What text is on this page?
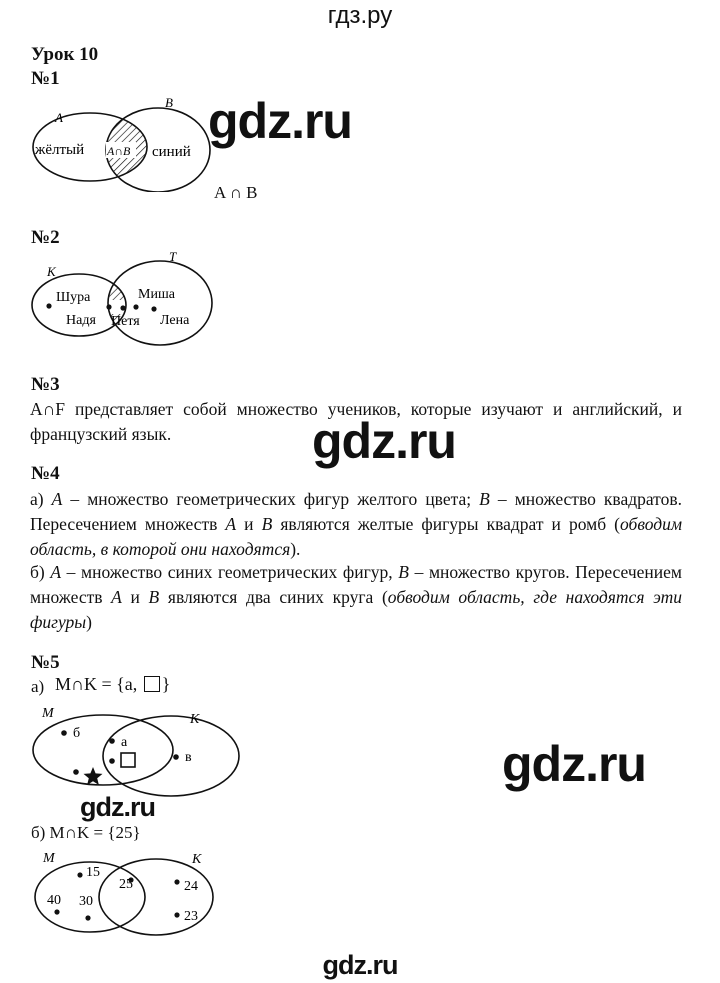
гдз.ру
Урок 10
№1
A
B
жёлтый	синий
A∩B
gdz.ru
A ∩ B
№2
К
Т
Шура
Надя Петя
Миша
Лена
№3
A∩F представляет собой множество учеников, которые изучают и английский, и французский язык.	gdz.ru
№4
а) A – множество геометрических фигур желтого цвета; B – множество квадратов. Пересечением множеств A и B являются желтые фигуры квадрат и ромб (обводим область, в которой они находятся).
б) A – множество синих геометрических фигур, B – множество кругов. Пересечением множеств A и B являются два синих круга (обводим область, где находятся эти фигуры)
№5
а) M∩K = {а, }
M	K
б
а
в	gdz.ru
gdz.ru
б) M∩K = {25}
M	K
15
40 30
25	24
23
gdz.ru
